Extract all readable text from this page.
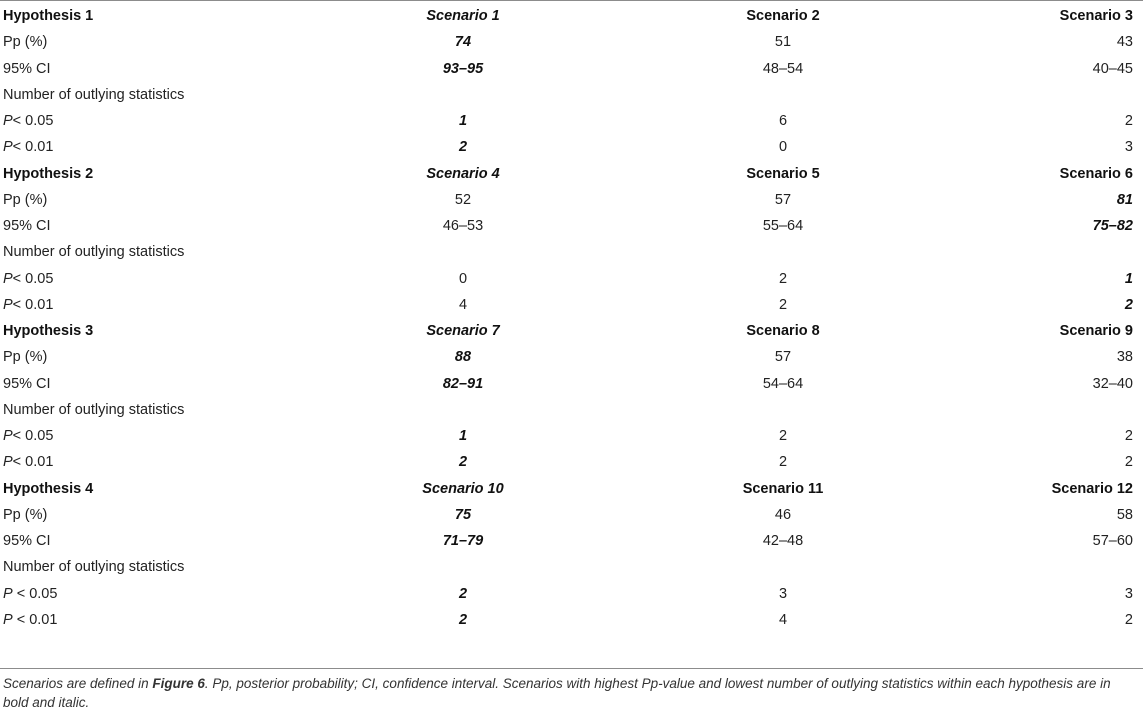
Hypothesis 1	Scenario 1	Scenario 2	Scenario 3
Pp (%)	74	51	43
95% CI	93–95	48–54	40–45
Number of outlying statistics			
P< 0.05	1	6	2
P< 0.01	2	0	3
Hypothesis 2	Scenario 4	Scenario 5	Scenario 6
Pp (%)	52	57	81
95% CI	46–53	55–64	75–82
Number of outlying statistics			
P< 0.05	0	2	1
P< 0.01	4	2	2
Hypothesis 3	Scenario 7	Scenario 8	Scenario 9
Pp (%)	88	57	38
95% CI	82–91	54–64	32–40
Number of outlying statistics			
P< 0.05	1	2	2
P< 0.01	2	2	2
Hypothesis 4	Scenario 10	Scenario 11	Scenario 12
Pp (%)	75	46	58
95% CI	71–79	42–48	57–60
Number of outlying statistics			
P < 0.05	2	3	3
P < 0.01	2	4	2
Scenarios are defined in Figure 6. Pp, posterior probability; CI, confidence interval. Scenarios with highest Pp-value and lowest number of outlying statistics within each hypothesis are in bold and italic.
